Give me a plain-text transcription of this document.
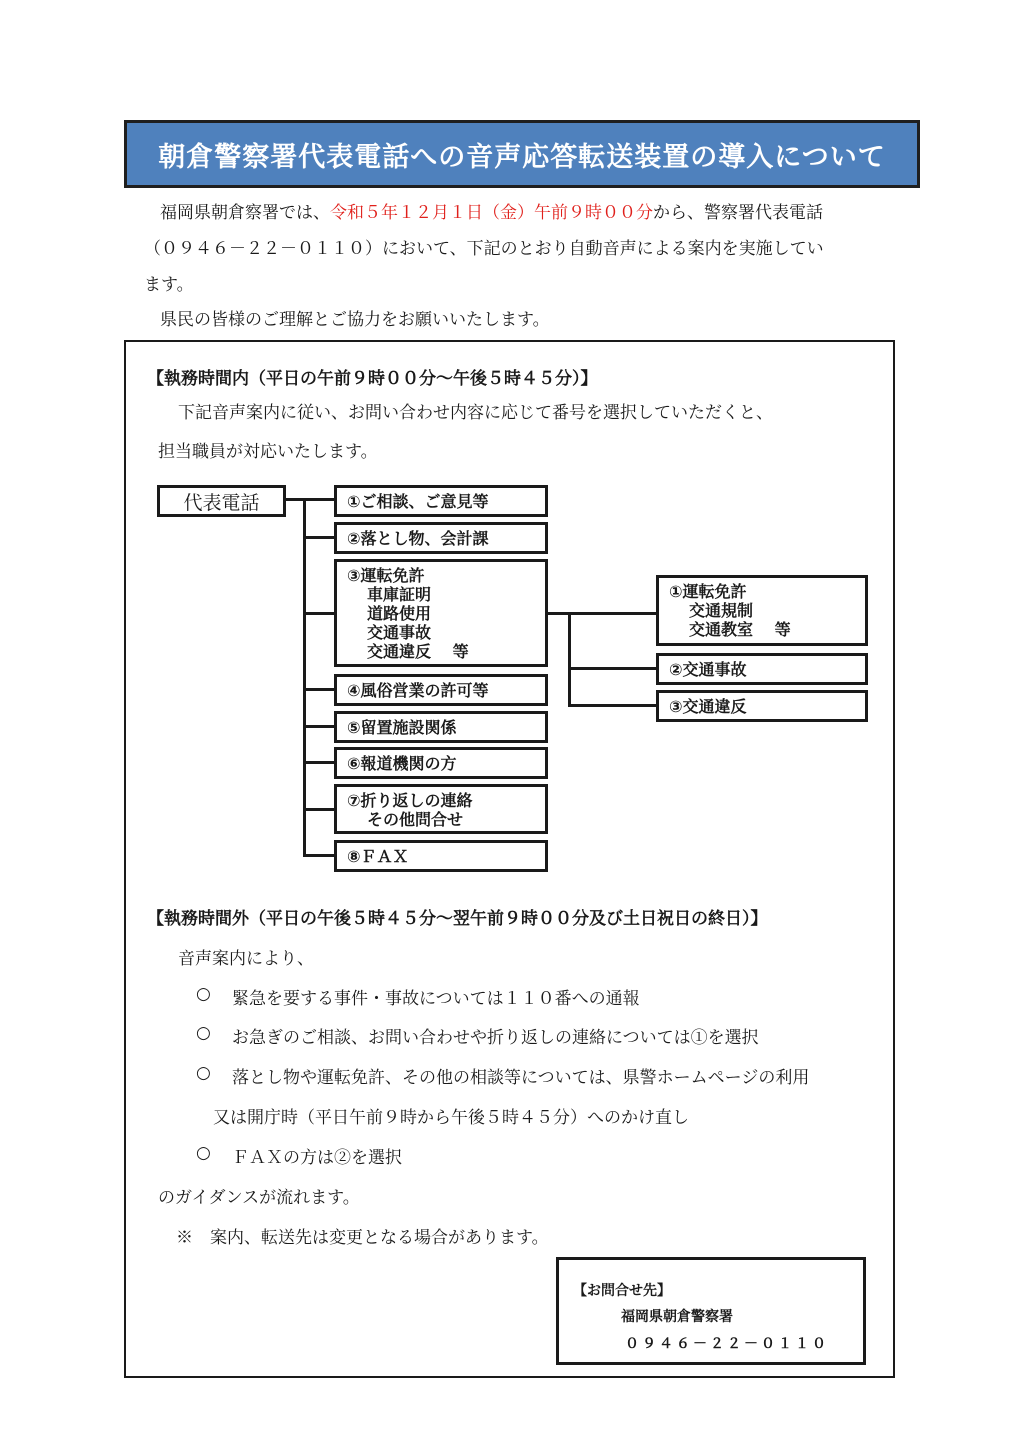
朝倉警察署代表電話への音声応答転送装置の導入について
福岡県朝倉察署では、令和５年１２月１日（金）午前９時００分から、警察署代表電話
（０９４６－２２－０１１０）において、下記のとおり自動音声による案内を実施してい
ます。
県民の皆様のご理解とご協力をお願いいたします。
【執務時間内（平日の午前９時００分～午後５時４５分）】
下記音声案内に従い、お問い合わせ内容に応じて番号を選択していただくと、
担当職員が対応いたします。
代表電話	①ご相談、ご意見等
②落とし物、会計課
③運転免許
車庫証明
道路使用
交通事故
交通違反　 等
④風俗営業の許可等
⑤留置施設関係
⑥報道機関の方
⑦折り返しの連絡
その他問合せ
⑧ＦＡＸ
①運転免許
交通規制
交通教室　 等
②交通事故
③交通違反
【執務時間外（平日の午後５時４５分～翌午前９時００分及び土日祝日の終日）】
音声案内により、
○ 緊急を要する事件・事故については１１０番への通報
○ お急ぎのご相談、お問い合わせや折り返しの連絡については①を選択
○ 落とし物や運転免許、その他の相談等については、県警ホームページの利用
又は開庁時（平日午前９時から午後５時４５分）へのかけ直し
○ ＦＡＸの方は②を選択
のガイダンスが流れます。
※　案内、転送先は変更となる場合があります。
【お問合せ先】
福岡県朝倉警察署
０９４６－２２－０１１０
